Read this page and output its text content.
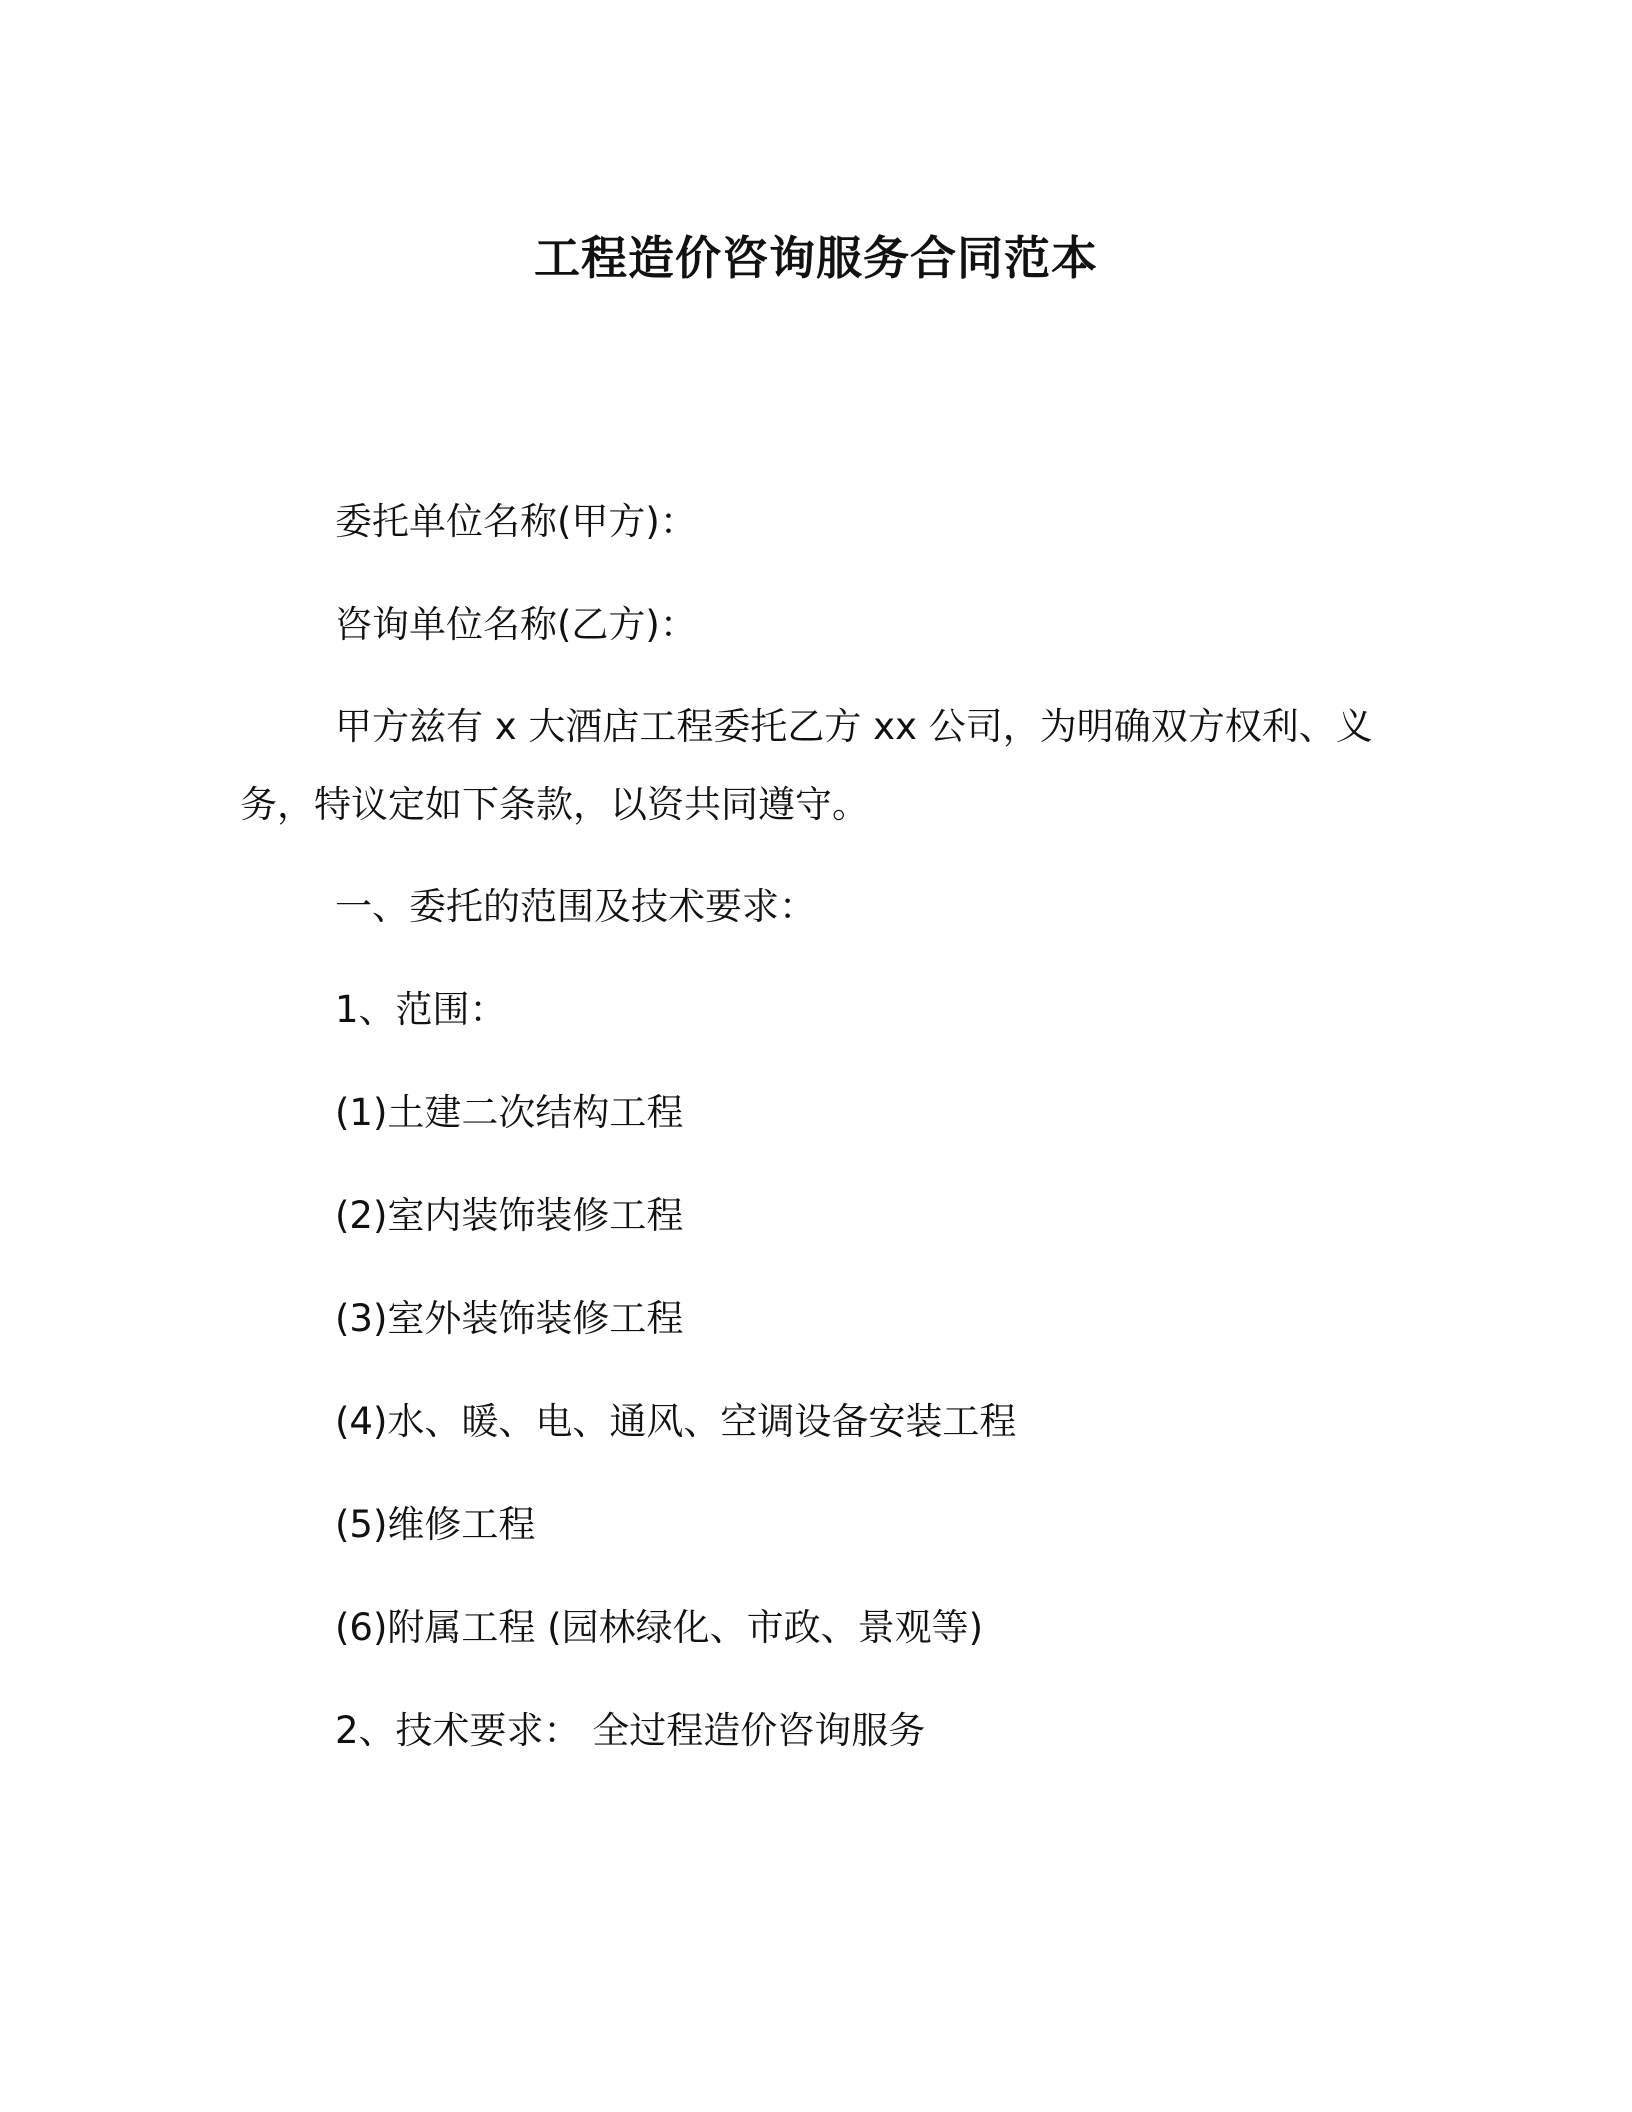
工程造价咨询服务合同范本

委托单位名称(甲方)：

咨询单位名称(乙方)：

甲方兹有 x 大酒店工程委托乙方 xx 公司，为明确双方权利、义务，特议定如下条款，以资共同遵守。

一、委托的范围及技术要求：

1、范围：

(1)土建二次结构工程

(2)室内装饰装修工程

(3)室外装饰装修工程

(4)水、暖、电、通风、空调设备安装工程

(5)维修工程

(6)附属工程 (园林绿化、市政、景观等)

2、技术要求： 全过程造价咨询服务
